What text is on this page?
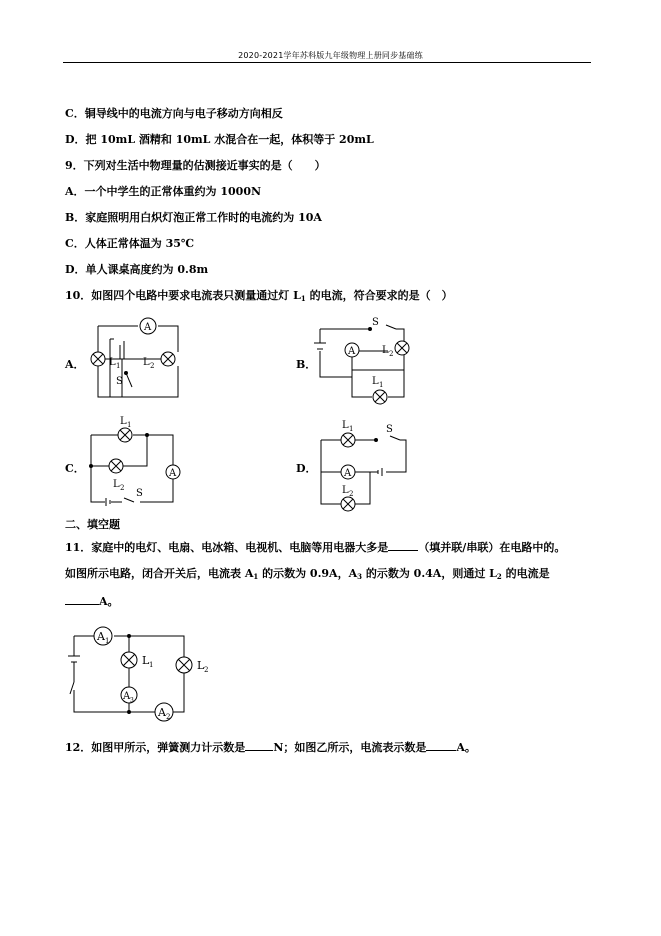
2020-2021学年苏科版九年级物理上册同步基础练
C．铜导线中的电流方向与电子移动方向相反
D．把 10mL 酒精和 10mL 水混合在一起，体积等于 20mL
9．下列对生活中物理量的估测接近事实的是（　　）
A．一个中学生的正常体重约为 1000N
B．家庭照明用白炽灯泡正常工作时的电流约为 10A
C．人体正常体温为 35℃
D．单人课桌高度约为 0.8m
10．如图四个电路中要求电流表只测量通过灯 $L_1$ 的电流，符合要求的是（　）
A．
A
L 1 L 2
S
B．
A	L 2
L 1
S
C．
L 1
L 2
A
S
D．
L 1
A
L 2
S
二、填空题
11．家庭中的电灯、电扇、电冰箱、电视机、电脑等用电器大多是	（填并联/串联）在电路中的。
如图所示电路，闭合开关后，电流表 $A_1$ 的示数为 0.9A，$A_3$ 的示数为 0.4A，则通过 $L_2$ 的电流是
A。
A 1
L 1
A 3
L 2
A 2
12．如图甲所示，弹簧测力计示数是	N；如图乙所示，电流表示数是	A。
